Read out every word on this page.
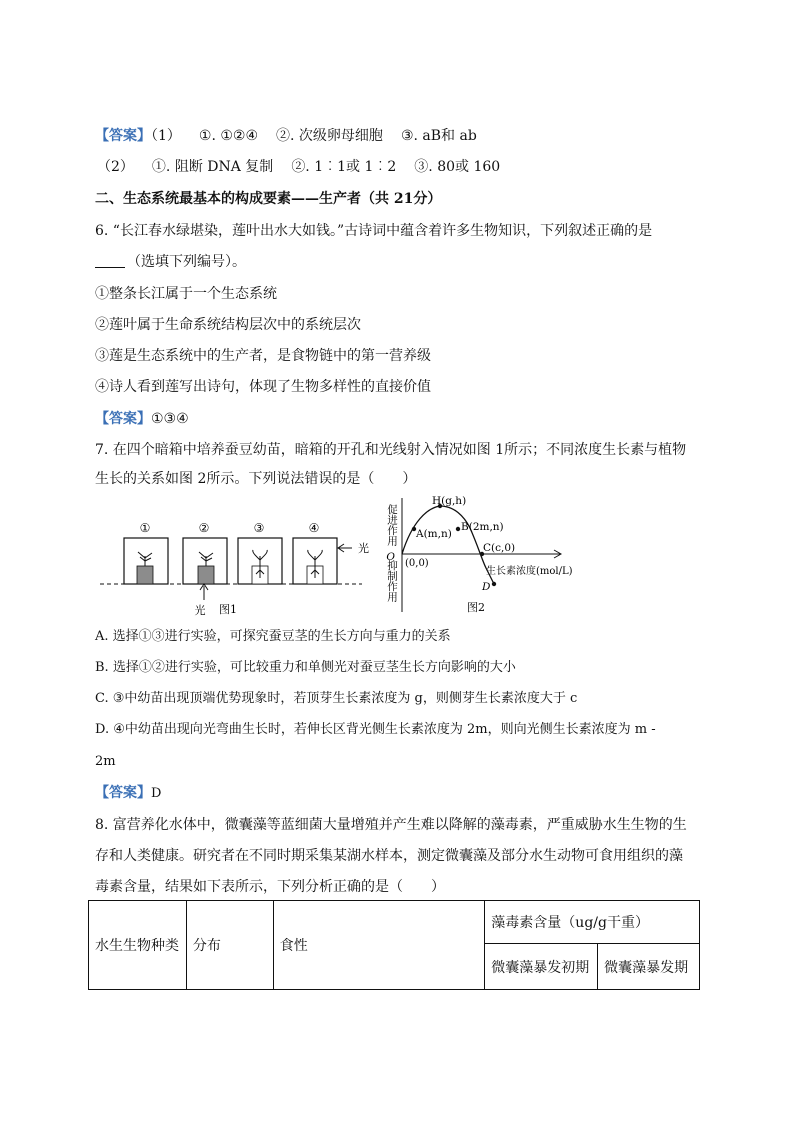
【答案】（1） ①. ①②④ ②. 次级卵母细胞 ③. aB和 ab
（2） ①. 阻断 DNA 复制 ②. 1︰1或 1︰2 ③. 80或 160
二、生态系统最基本的构成要素——生产者（共 21分）
6. “长江春水绿堪染，莲叶出水大如钱。”古诗词中蕴含着许多生物知识，下列叙述正确的是
（选填下列编号）。
①整条长江属于一个生态系统
②莲叶属于生命系统结构层次中的系统层次
③莲是生态系统中的生产者，是食物链中的第一营养级
④诗人看到莲写出诗句，体现了生物多样性的直接价值
【答案】①③④
7. 在四个暗箱中培养蚕豆幼苗，暗箱的开孔和光线射入情况如图 1所示；不同浓度生长素与植物
生长的关系如图 2所示。下列说法错误的是（　　）
①	②
光
③	④
光
图1
促进作用
抑制作用
O
(0,0)
H(g,h)
A(m,n)
B(2m,n)
C(c,0)
D
生长素浓度(mol/L)
图2
A. 选择①③进行实验，可探究蚕豆茎的生长方向与重力的关系
B. 选择①②进行实验，可比较重力和单侧光对蚕豆茎生长方向影响的大小
C. ③中幼苗出现顶端优势现象时，若顶芽生长素浓度为 g，则侧芽生长素浓度大于 c
D. ④中幼苗出现向光弯曲生长时，若伸长区背光侧生长素浓度为 2m，则向光侧生长素浓度为 m -
2m
【答案】D
8. 富营养化水体中，微囊藻等蓝细菌大量增殖并产生难以降解的藻毒素，严重威胁水生生物的生
存和人类健康。研究者在不同时期采集某湖水样本，测定微囊藻及部分水生动物可食用组织的藻
毒素含量，结果如下表所示，下列分析正确的是（　　）
水生生物种类	分布	食性	藻毒素含量（ug/g干重）	
			微囊藻暴发初期	微囊藻暴发期
